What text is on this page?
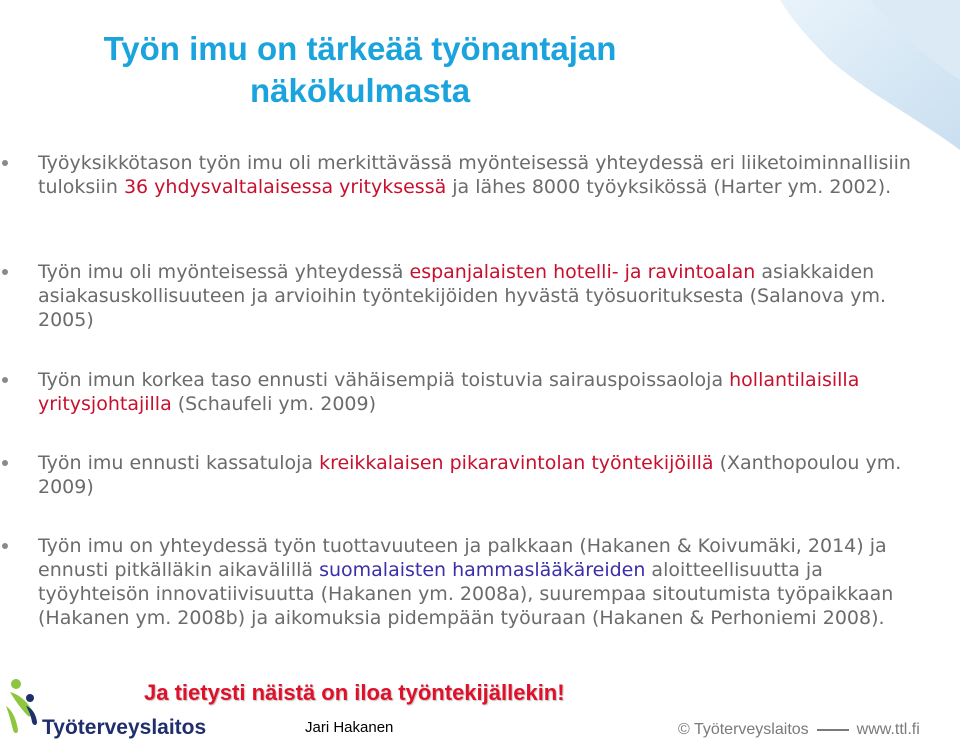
Työn imu on tärkeää työnantajan
näkökulmasta
Työyksikkötason työn imu oli merkittävässä myönteisessä yhteydessä eri liiketoiminnallisiin tuloksiin 36 yhdysvaltalaisessa yrityksessä ja lähes 8000 työyksikössä (Harter ym. 2002).
Työn imu oli myönteisessä yhteydessä espanjalaisten hotelli- ja ravintoalan asiakkaiden asiakasuskollisuuteen ja arvioihin työntekijöiden hyvästä työsuorituksesta (Salanova ym. 2005)
Työn imun korkea taso ennusti vähäisempiä toistuvia sairauspoissaoloja hollantilaisilla yritysjohtajilla (Schaufeli ym. 2009)
Työn imu ennusti kassatuloja kreikkalaisen pikaravintolan työntekijöillä (Xanthopoulou ym. 2009)
Työn imu on yhteydessä työn tuottavuuteen ja palkkaan (Hakanen & Koivumäki, 2014) ja ennusti pitkälläkin aikavälillä suomalaisten hammaslääkäreiden aloitteellisuutta ja työyhteisön innovatiivisuutta (Hakanen ym. 2008a), suurempaa sitoutumista työpaikkaan (Hakanen ym. 2008b) ja aikomuksia pidempään työuraan (Hakanen & Perhoniemi 2008).
Ja tietysti näistä on iloa työntekijällekin!
Työterveyslaitos	Jari Hakanen	© Työterveyslaitos	www.ttl.fi
